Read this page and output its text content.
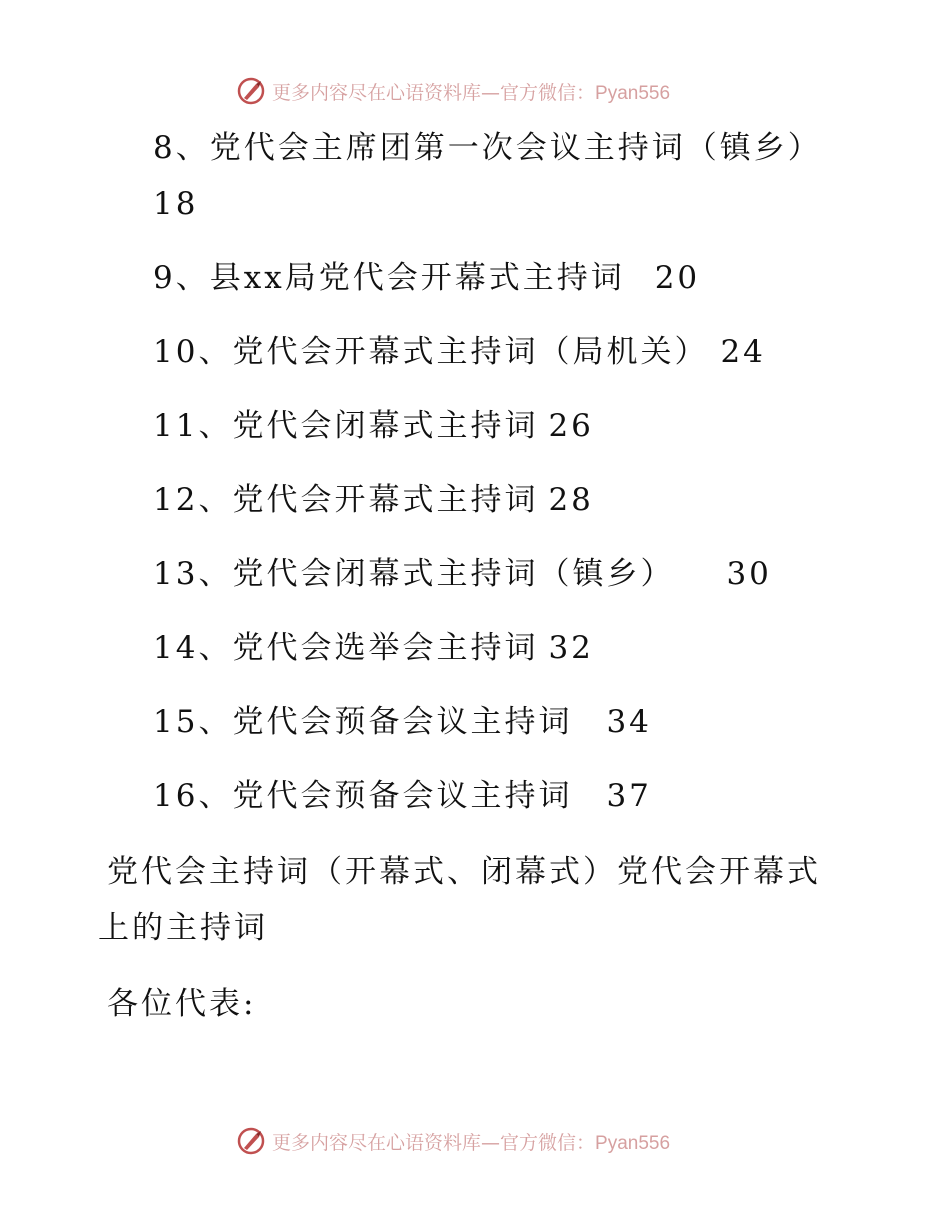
更多内容尽在心语资料库—官方微信：Pyan556
8、党代会主席团第一次会议主持词（镇乡）
18
9、县xx局党代会开幕式主持词 20
10、党代会开幕式主持词（局机关） 24
11、党代会闭幕式主持词 26
12、党代会开幕式主持词 28
13、党代会闭幕式主持词（镇乡） 30
14、党代会选举会主持词 32
15、党代会预备会议主持词 34
16、党代会预备会议主持词 37
党代会主持词（开幕式、闭幕式）党代会开幕式
上的主持词
各位代表:
更多内容尽在心语资料库—官方微信：Pyan556
